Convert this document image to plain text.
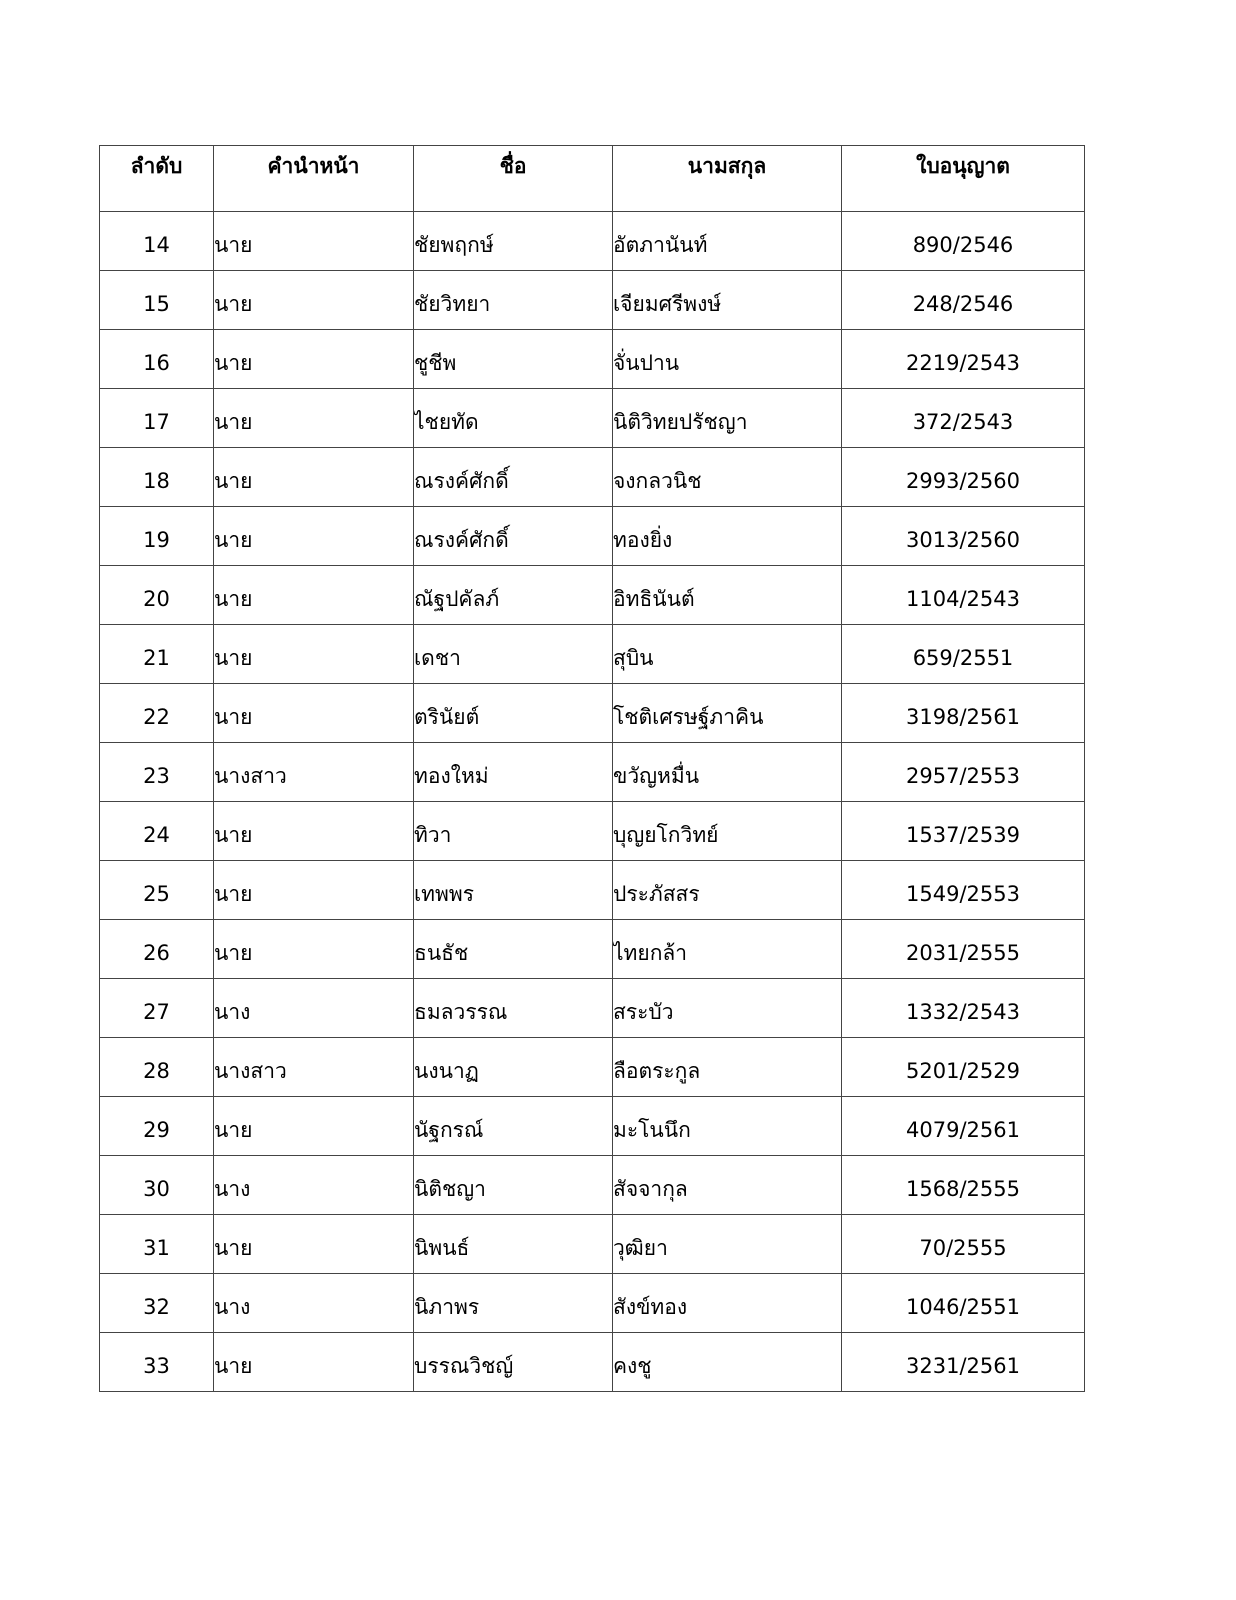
ลำดับ	คำนำหน้า	ชื่อ	นามสกุล	ใบอนุญาต
14	นาย	ชัยพฤกษ์	อัตภานันท์	890/2546
15	นาย	ชัยวิทยา	เจียมศรีพงษ์	248/2546
16	นาย	ชูชีพ	จั่นปาน	2219/2543
17	นาย	ไชยทัด	นิติวิทยปรัชญา	372/2543
18	นาย	ณรงค์ศักดิ์	จงกลวนิช	2993/2560
19	นาย	ณรงค์ศักดิ์	ทองยิ่ง	3013/2560
20	นาย	ณัฐปคัลภ์	อิทธินันต์	1104/2543
21	นาย	เดชา	สุบิน	659/2551
22	นาย	ตรินัยต์	โชติเศรษฐ์ภาคิน	3198/2561
23	นางสาว	ทองใหม่	ขวัญหมื่น	2957/2553
24	นาย	ทิวา	บุญยโกวิทย์	1537/2539
25	นาย	เทพพร	ประภัสสร	1549/2553
26	นาย	ธนธัช	ไทยกล้า	2031/2555
27	นาง	ธมลวรรณ	สระบัว	1332/2543
28	นางสาว	นงนาฏ	ลือตระกูล	5201/2529
29	นาย	นัฐกรณ์	มะโนนึก	4079/2561
30	นาง	นิติชญา	สัจจากุล	1568/2555
31	นาย	นิพนธ์	วุฒิยา	70/2555
32	นาง	นิภาพร	สังข์ทอง	1046/2551
33	นาย	บรรณวิชญ์	คงชู	3231/2561
